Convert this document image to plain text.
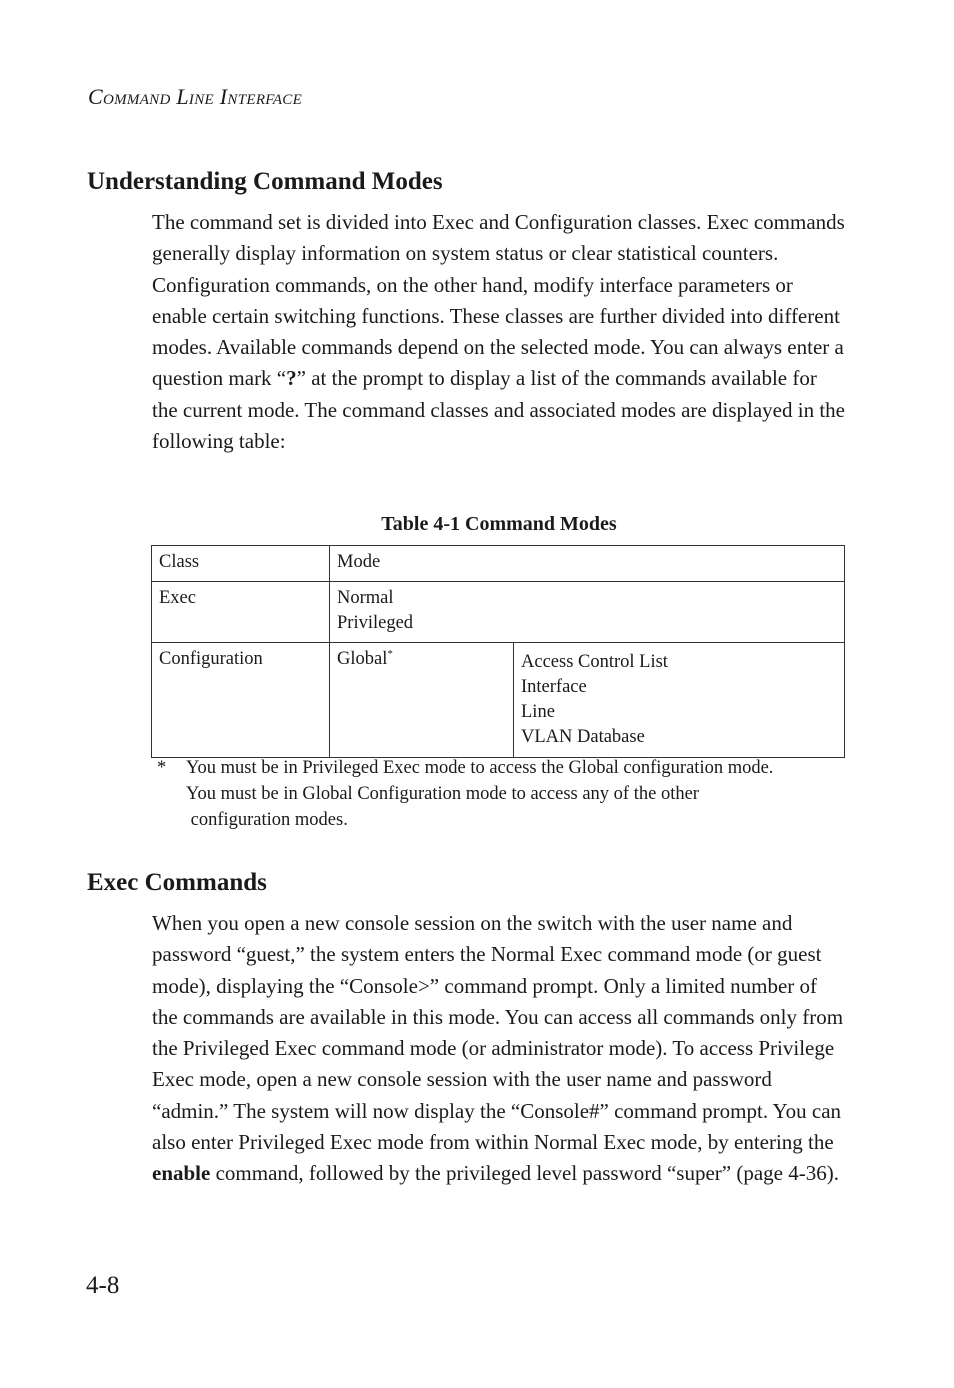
Command Line Interface
Understanding Command Modes

The command set is divided into Exec and Configuration classes. Exec commands generally display information on system status or clear statistical counters. Configuration commands, on the other hand, modify interface parameters or enable certain switching functions. These classes are further divided into different modes. Available commands depend on the selected mode. You can always enter a question mark “?” at the prompt to display a list of the commands available for the current mode. The command classes and associated modes are displayed in the following table:

Table 4-1 Command Modes
Class	Mode	
Exec	Normal
Privileged	

Configuration	Global*	Access Control List
Interface
Line
VLAN Database
* You must be in Privileged Exec mode to access the Global configuration mode.
You must be in Global Configuration mode to access any of the other
configuration modes.
Exec Commands

When you open a new console session on the switch with the user name and password “guest,” the system enters the Normal Exec command mode (or guest mode), displaying the “Console>” command prompt. Only a limited number of the commands are available in this mode. You can access all commands only from the Privileged Exec command mode (or administrator mode). To access Privilege Exec mode, open a new console session with the user name and password “admin.” The system will now display the “Console#” command prompt. You can also enter Privileged Exec mode from within Normal Exec mode, by entering the enable command, followed by the privileged level password “super” (page 4-36).

4-8
